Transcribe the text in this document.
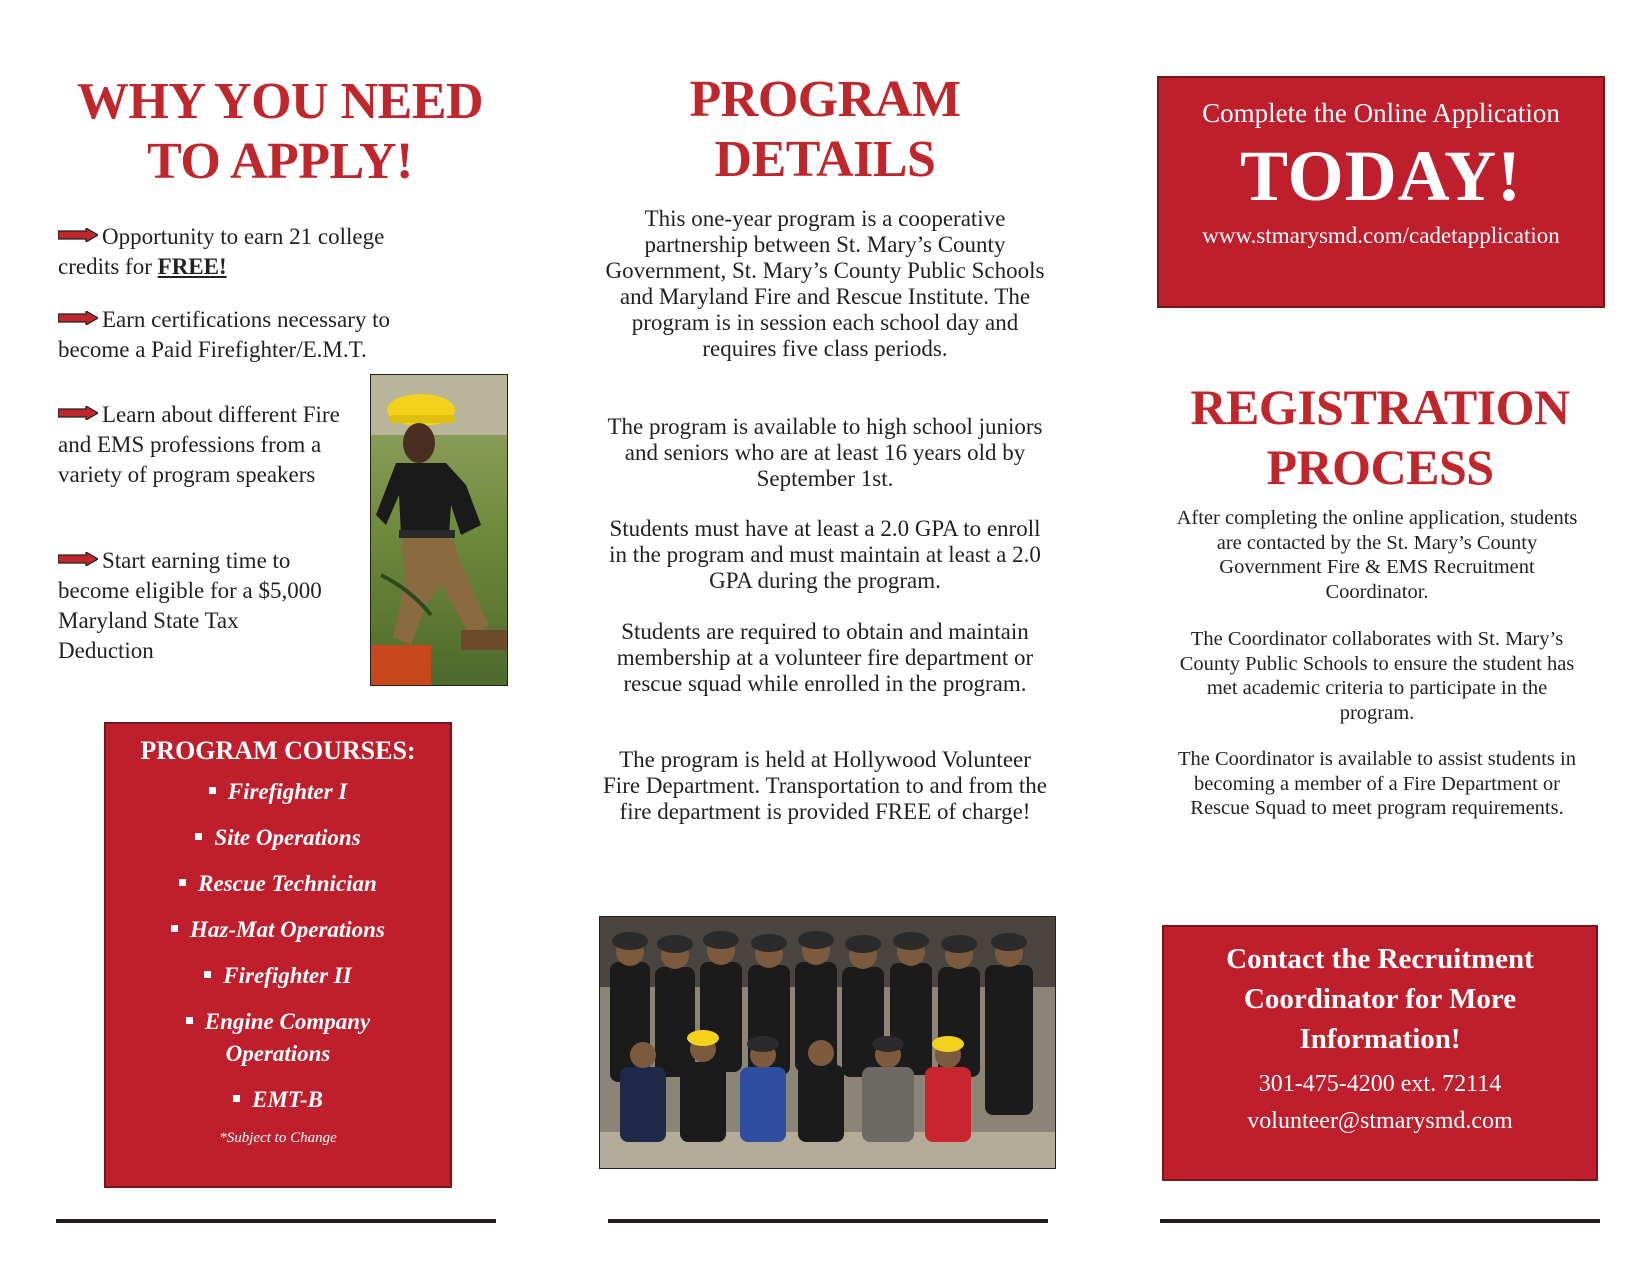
WHY YOU NEED
TO APPLY!
Opportunity to earn 21 college credits for FREE!
Earn certifications necessary to become a Paid Firefighter/E.M.T.
Learn about different Fire and EMS professions from a variety of program speakers
Start earning time to become eligible for a $5,000 Maryland State Tax Deduction
PROGRAM COURSES:
Firefighter I
Site Operations
Rescue Technician
Haz-Mat Operations
Firefighter II
Engine Company Operations
EMT-B
*Subject to Change
PROGRAM
DETAILS
This one-year program is a cooperative partnership between St. Mary’s County Government, St. Mary’s County Public Schools and Maryland Fire and Rescue Institute. The program is in session each school day and requires five class periods.
The program is available to high school juniors and seniors who are at least 16 years old by September 1st.
Students must have at least a 2.0 GPA to enroll in the program and must maintain at least a 2.0 GPA during the program.
Students are required to obtain and maintain membership at a volunteer fire department or rescue squad while enrolled in the program.
The program is held at Hollywood Volunteer Fire Department. Transportation to and from the fire department is provided FREE of charge!
Complete the Online Application
TODAY!
www.stmarysmd.com/cadetapplication
REGISTRATION
PROCESS
After completing the online application, students are contacted by the St. Mary’s County Government Fire & EMS Recruitment Coordinator.
The Coordinator collaborates with St. Mary’s County Public Schools to ensure the student has met academic criteria to participate in the program.
The Coordinator is available to assist students in becoming a member of a Fire Department or Rescue Squad to meet program requirements.
Contact the Recruitment Coordinator for More Information!
301-475-4200 ext. 72114
volunteer@stmarysmd.com
